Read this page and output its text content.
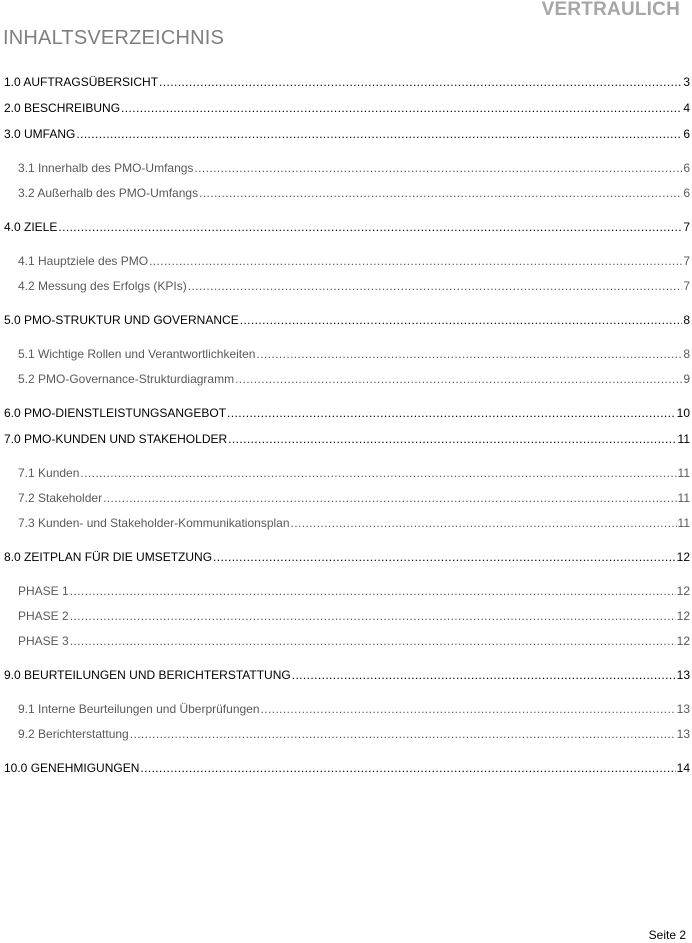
VERTRAULICH
INHALTSVERZEICHNIS
1.0 AUFTRAGSÜBERSICHT .....	3
2.0 BESCHREIBUNG .....	4
3.0 UMFANG .....	6
3.1 Innerhalb des PMO-Umfangs .....	6
3.2 Außerhalb des PMO-Umfangs .....	6
4.0 ZIELE .....	7
4.1 Hauptziele des PMO .....	7
4.2 Messung des Erfolgs (KPIs) .....	7
5.0 PMO-STRUKTUR UND GOVERNANCE .....	8
5.1 Wichtige Rollen und Verantwortlichkeiten .....	8
5.2 PMO-Governance-Strukturdiagramm .....	9
6.0 PMO-DIENSTLEISTUNGSANGEBOT .....	10
7.0 PMO-KUNDEN UND STAKEHOLDER .....	11
7.1 Kunden .....	11
7.2 Stakeholder .....	11
7.3 Kunden- und Stakeholder-Kommunikationsplan .....	11
8.0 ZEITPLAN FÜR DIE UMSETZUNG .....	12
PHASE 1 .....	12
PHASE 2 .....	12
PHASE 3 .....	12
9.0 BEURTEILUNGEN UND BERICHTERSTATTUNG .....	13
9.1 Interne Beurteilungen und Überprüfungen .....	13
9.2 Berichterstattung .....	13
10.0 GENEHMIGUNGEN .....	14
Seite 2
